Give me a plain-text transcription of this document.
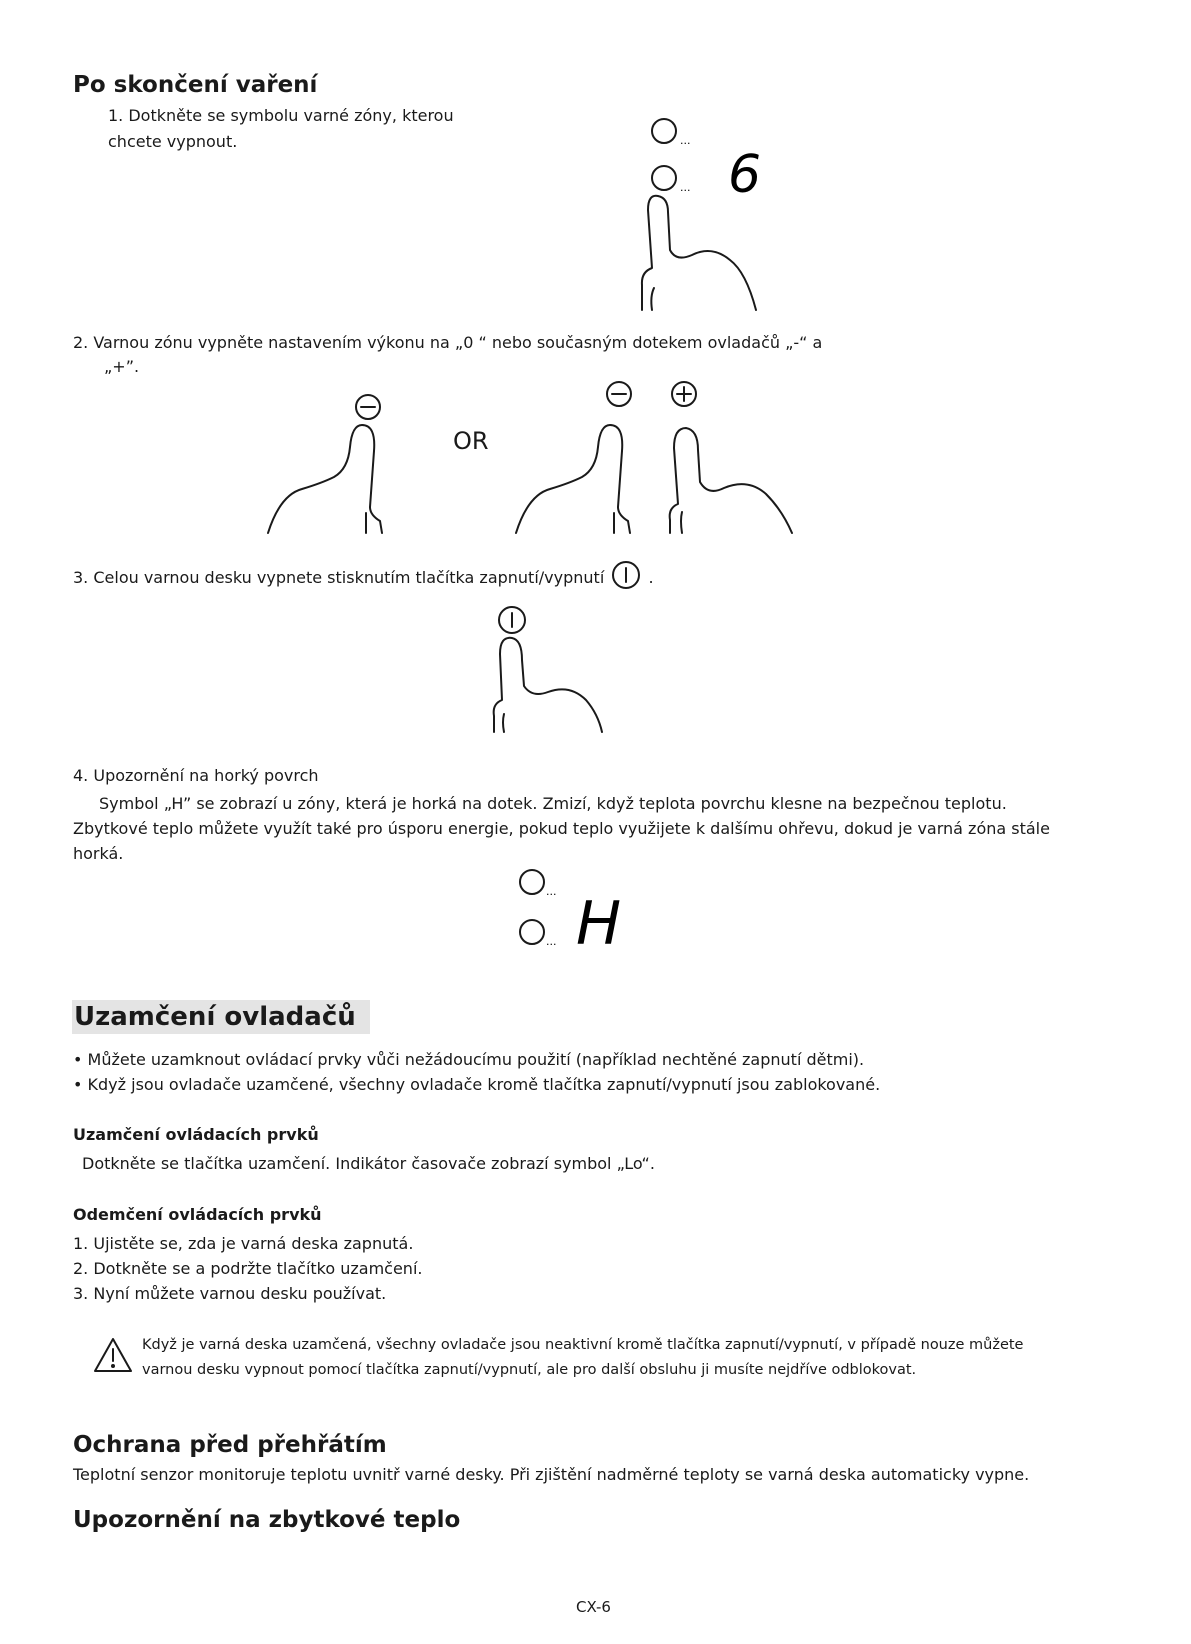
Po skončení vaření
1. Dotkněte se symbolu varné zóny, kterou
chcete vypnout.	...
... 6
2. Varnou zónu vypněte nastavením výkonu na „0 “ nebo současným dotekem ovladačů „-“ a
„+”.
OR
3. Celou varnou desku vypnete stisknutím tlačítka zapnutí/vypnutí	.
4. Upozornění na horký povrch
Symbol „H” se zobrazí u zóny, která je horká na dotek. Zmizí, když teplota povrchu klesne na bezpečnou teplotu.
Zbytkové teplo můžete využít také pro úsporu energie, pokud teplo využijete k dalšímu ohřevu, dokud je varná zóna stále
horká.
...
... H
Uzamčení ovladačů
• Můžete uzamknout ovládací prvky vůči nežádoucímu použití (například nechtěné zapnutí dětmi).
• Když jsou ovladače uzamčené, všechny ovladače kromě tlačítka zapnutí/vypnutí jsou zablokované.
Uzamčení ovládacích prvků
Dotkněte se tlačítka uzamčení. Indikátor časovače zobrazí symbol „Lo“.
Odemčení ovládacích prvků
1. Ujistěte se, zda je varná deska zapnutá.
2. Dotkněte se a podržte tlačítko uzamčení.
3. Nyní můžete varnou desku používat.
Když je varná deska uzamčená, všechny ovladače jsou neaktivní kromě tlačítka zapnutí/vypnutí, v případě nouze můžete
varnou desku vypnout pomocí tlačítka zapnutí/vypnutí, ale pro další obsluhu ji musíte nejdříve odblokovat.
Ochrana před přehřátím
Teplotní senzor monitoruje teplotu uvnitř varné desky. Při zjištění nadměrné teploty se varná deska automaticky vypne.
Upozornění na zbytkové teplo
CX-6
